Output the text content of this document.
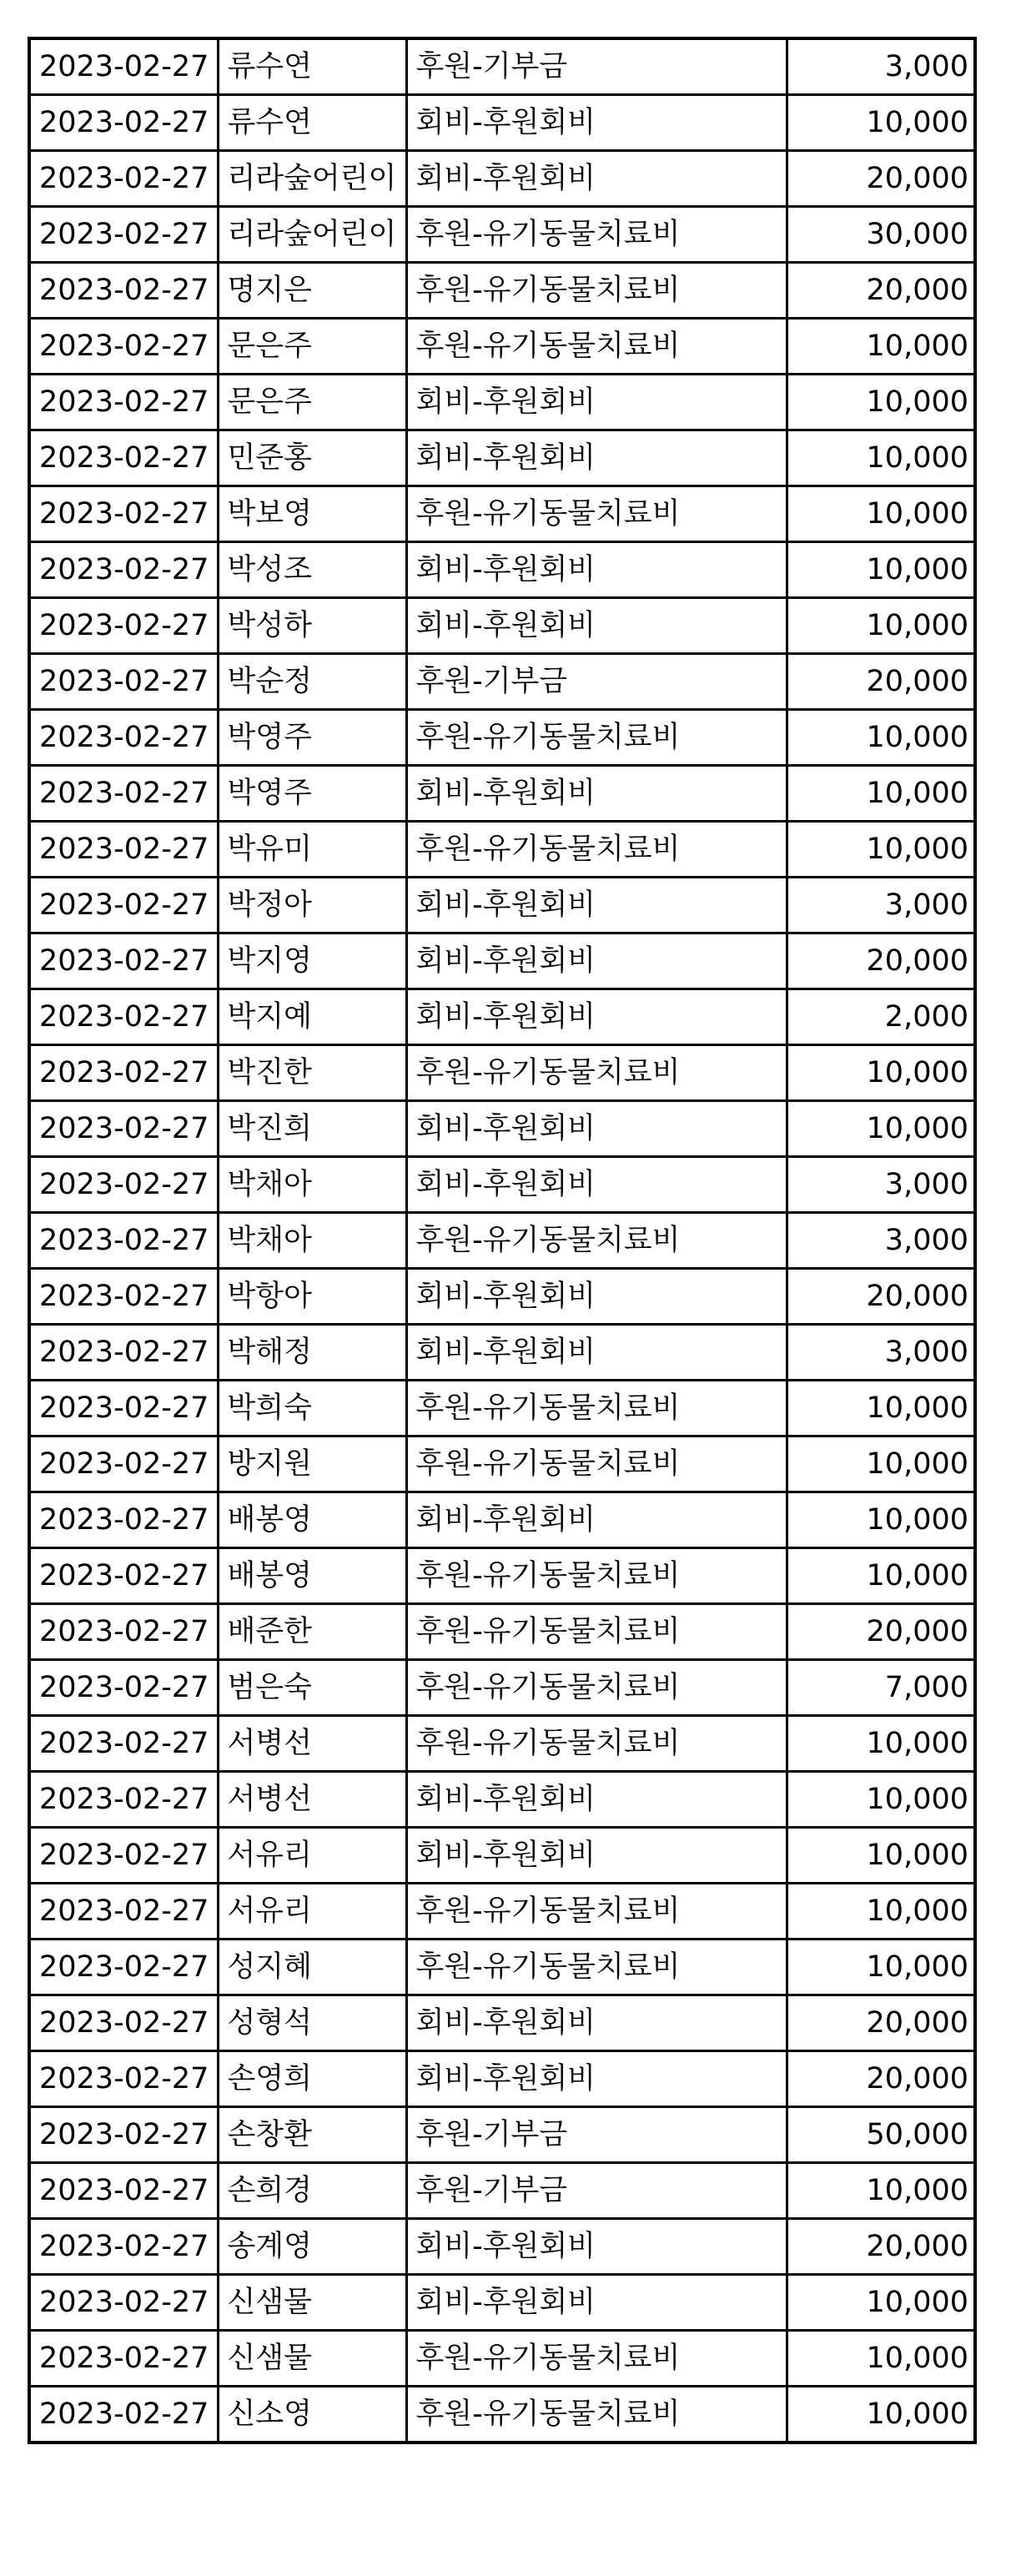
2023-02-27	류수연	후원-기부금	3,000
2023-02-27	류수연	회비-후원회비	10,000
2023-02-27	리라숲어린이	회비-후원회비	20,000
2023-02-27	리라숲어린이	후원-유기동물치료비	30,000
2023-02-27	명지은	후원-유기동물치료비	20,000
2023-02-27	문은주	후원-유기동물치료비	10,000
2023-02-27	문은주	회비-후원회비	10,000
2023-02-27	민준홍	회비-후원회비	10,000
2023-02-27	박보영	후원-유기동물치료비	10,000
2023-02-27	박성조	회비-후원회비	10,000
2023-02-27	박성하	회비-후원회비	10,000
2023-02-27	박순정	후원-기부금	20,000
2023-02-27	박영주	후원-유기동물치료비	10,000
2023-02-27	박영주	회비-후원회비	10,000
2023-02-27	박유미	후원-유기동물치료비	10,000
2023-02-27	박정아	회비-후원회비	3,000
2023-02-27	박지영	회비-후원회비	20,000
2023-02-27	박지예	회비-후원회비	2,000
2023-02-27	박진한	후원-유기동물치료비	10,000
2023-02-27	박진희	회비-후원회비	10,000
2023-02-27	박채아	회비-후원회비	3,000
2023-02-27	박채아	후원-유기동물치료비	3,000
2023-02-27	박항아	회비-후원회비	20,000
2023-02-27	박해정	회비-후원회비	3,000
2023-02-27	박희숙	후원-유기동물치료비	10,000
2023-02-27	방지원	후원-유기동물치료비	10,000
2023-02-27	배봉영	회비-후원회비	10,000
2023-02-27	배봉영	후원-유기동물치료비	10,000
2023-02-27	배준한	후원-유기동물치료비	20,000
2023-02-27	범은숙	후원-유기동물치료비	7,000
2023-02-27	서병선	후원-유기동물치료비	10,000
2023-02-27	서병선	회비-후원회비	10,000
2023-02-27	서유리	회비-후원회비	10,000
2023-02-27	서유리	후원-유기동물치료비	10,000
2023-02-27	성지혜	후원-유기동물치료비	10,000
2023-02-27	성형석	회비-후원회비	20,000
2023-02-27	손영희	회비-후원회비	20,000
2023-02-27	손창환	후원-기부금	50,000
2023-02-27	손희경	후원-기부금	10,000
2023-02-27	송계영	회비-후원회비	20,000
2023-02-27	신샘물	회비-후원회비	10,000
2023-02-27	신샘물	후원-유기동물치료비	10,000
2023-02-27	신소영	후원-유기동물치료비	10,000
